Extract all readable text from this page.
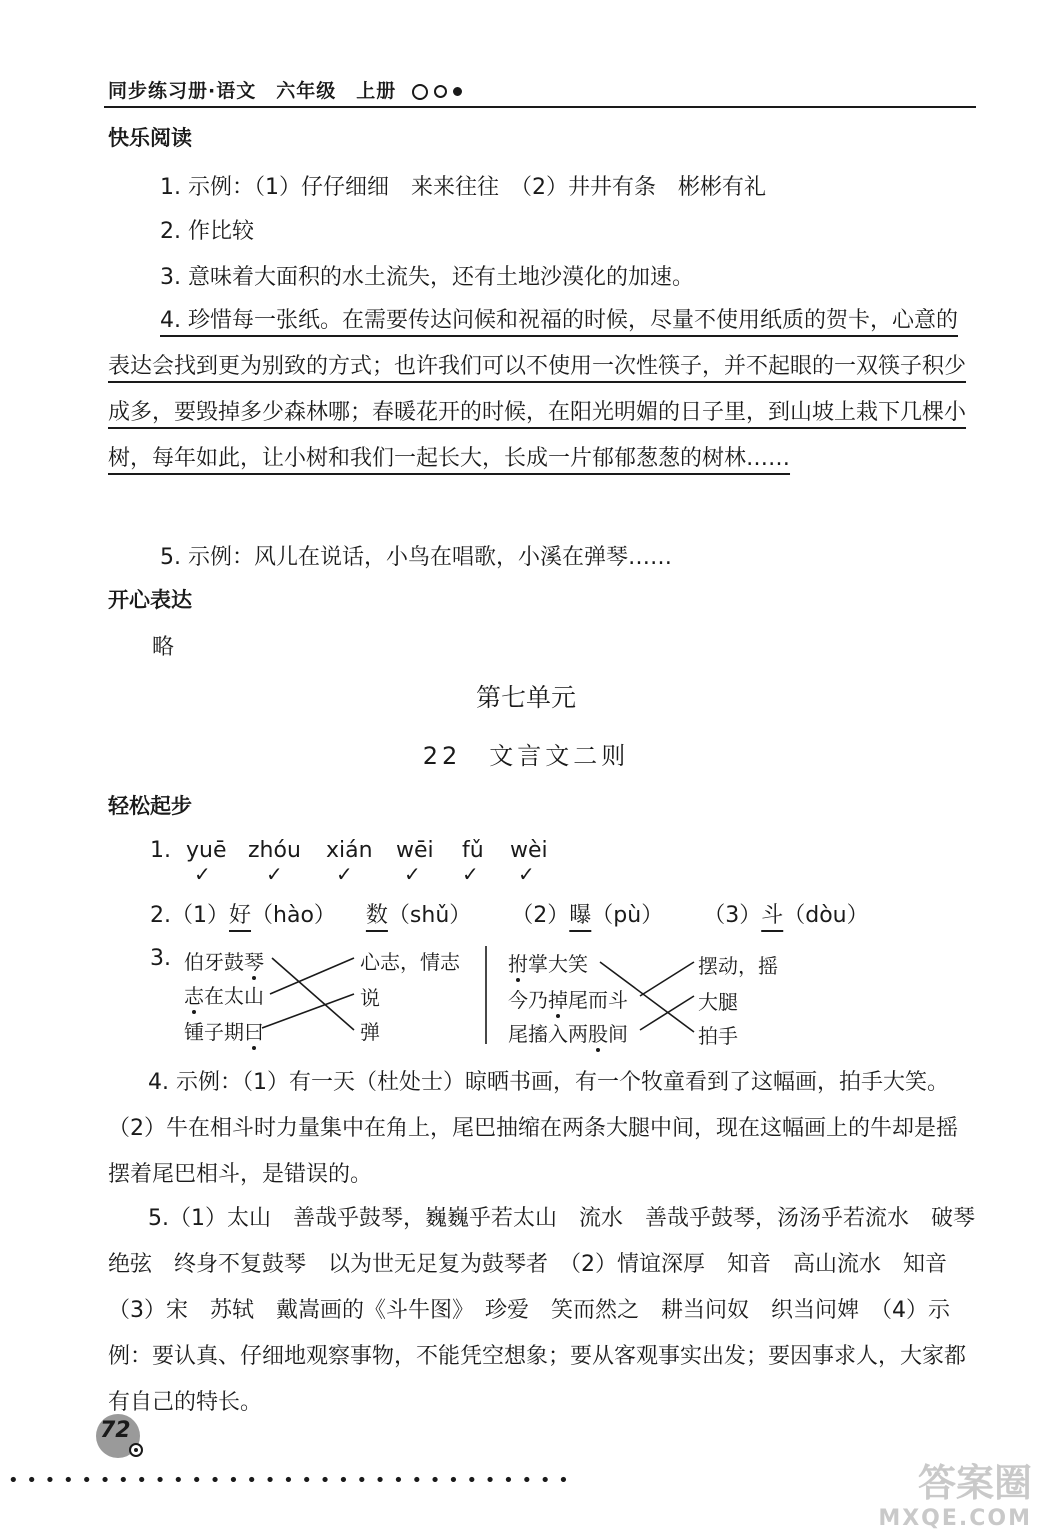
同步练习册·语文　六年级　上册
快乐阅读
1. 示例：（1）仔仔细细　来来往往　（2）井井有条　彬彬有礼
2. 作比较
3. 意味着大面积的水土流失，还有土地沙漠化的加速。
4. 珍惜每一张纸。在需要传达问候和祝福的时候，尽量不使用纸质的贺卡，心意的表达会找到更为别致的方式；也许我们可以不使用一次性筷子，并不起眼的一双筷子积少成多，要毁掉多少森林哪；春暖花开的时候，在阳光明媚的日子里，到山坡上栽下几棵小树，每年如此，让小树和我们一起长大，长成一片郁郁葱葱的树林……
5. 示例：风儿在说话，小鸟在唱歌，小溪在弹琴……
开心表达
略
第七单元
22　文言文二则
轻松起步
1. yuē zhóu xián wēi fǔ wèi
✓	✓	✓	✓ ✓ ✓
2.（1）好（hào） 数（shǔ） （2）曝（pù） （3）斗（dòu）
3. 伯牙鼓琴
志在太山
锺子期曰
心志，情志
说
弹
拊掌大笑
今乃掉尾而斗
尾搐入两股间
摆动，摇
大腿
拍手
4. 示例：（1）有一天（杜处士）晾晒书画，有一个牧童看到了这幅画，拍手大笑。　（2）牛在相斗时力量集中在角上，尾巴抽缩在两条大腿中间，现在这幅画上的牛却是摇摆着尾巴相斗，是错误的。
5.（1）太山　善哉乎鼓琴，巍巍乎若太山　流水　善哉乎鼓琴，汤汤乎若流水　破琴绝弦　终身不复鼓琴　以为世无足复为鼓琴者　（2）情谊深厚　知音　高山流水　知音　（3）宋　苏轼　戴嵩画的《斗牛图》　珍爱　笑而然之　耕当问奴　织当问婢　（4）示例：要认真、仔细地观察事物，不能凭空想象；要从客观事实出发；要因事求人，大家都有自己的特长。
72
• • • • • • • • • • • • • • • • • • • • • • • • • • • • • • •	答案圈
MXQE.COM
